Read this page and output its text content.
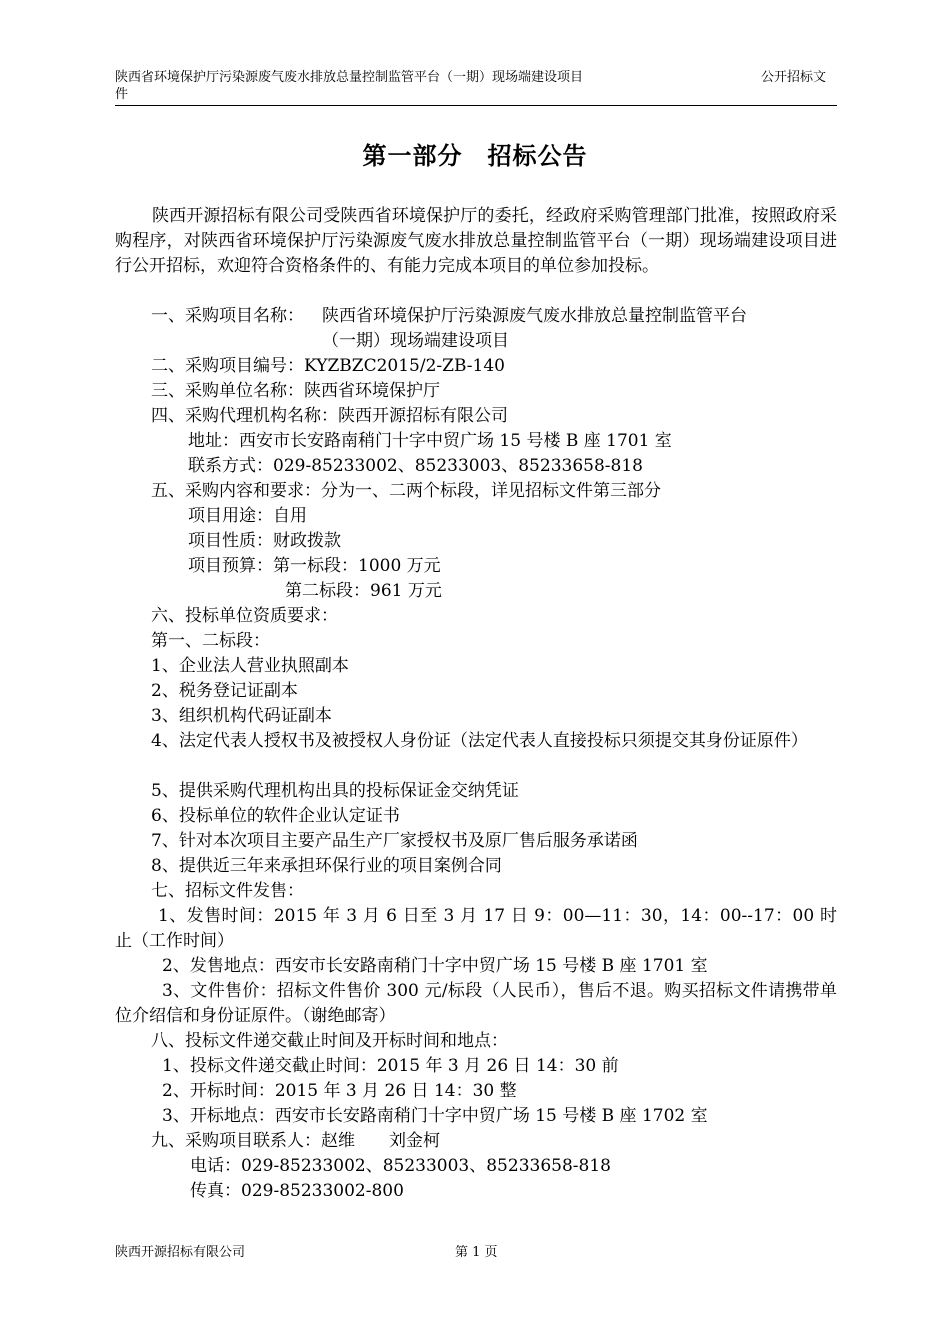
陕西省环境保护厅污染源废气废水排放总量控制监管平台（一期）现场端建设项目
件
公开招标文
第一部分　招标公告

陕西开源招标有限公司受陕西省环境保护厅的委托，经政府采购管理部门批准，按照政府采购程序，对陕西省环境保护厅污染源废气废水排放总量控制监管平台（一期）现场端建设项目进行公开招标，欢迎符合资格条件的、有能力完成本项目的单位参加投标。

一、采购项目名称： 陕西省环境保护厅污染源废气废水排放总量控制监管平台
（一期）现场端建设项目
二、采购项目编号：KYZBZC2015/2-ZB-140
三、采购单位名称：陕西省环境保护厅
四、采购代理机构名称：陕西开源招标有限公司
地址：西安市长安路南稍门十字中贸广场 15 号楼 B 座 1701 室
联系方式：029-85233002、85233003、85233658-818
五、采购内容和要求：分为一、二两个标段，详见招标文件第三部分
项目用途：自用
项目性质：财政拨款
项目预算：第一标段：1000 万元
第二标段：961 万元
六、投标单位资质要求：
第一、二标段：
1、企业法人营业执照副本
2、税务登记证副本
3、组织机构代码证副本

4、法定代表人授权书及被授权人身份证（法定代表人直接投标只须提交其身份证原件）

5、提供采购代理机构出具的投标保证金交纳凭证
6、投标单位的软件企业认定证书
7、针对本次项目主要产品生产厂家授权书及原厂售后服务承诺函
8、提供近三年来承担环保行业的项目案例合同
七、招标文件发售：

1、发售时间：2015 年 3 月 6 日至 3 月 17 日 9：00—11：30，14：00--17：00 时止（工作时间）

2、发售地点：西安市长安路南稍门十字中贸广场 15 号楼 B 座 1701 室

3、文件售价：招标文件售价 300 元/标段（人民币），售后不退。购买招标文件请携带单位介绍信和身份证原件。（谢绝邮寄）

八、投标文件递交截止时间及开标时间和地点：
1、投标文件递交截止时间：2015 年 3 月 26 日 14：30 前
2、开标时间：2015 年 3 月 26 日 14：30 整
3、开标地点：西安市长安路南稍门十字中贸广场 15 号楼 B 座 1702 室
九、采购项目联系人：赵维　　刘金柯
电话：029-85233002、85233003、85233658-818
传真：029-85233002-800
陕西开源招标有限公司	第 1 页
